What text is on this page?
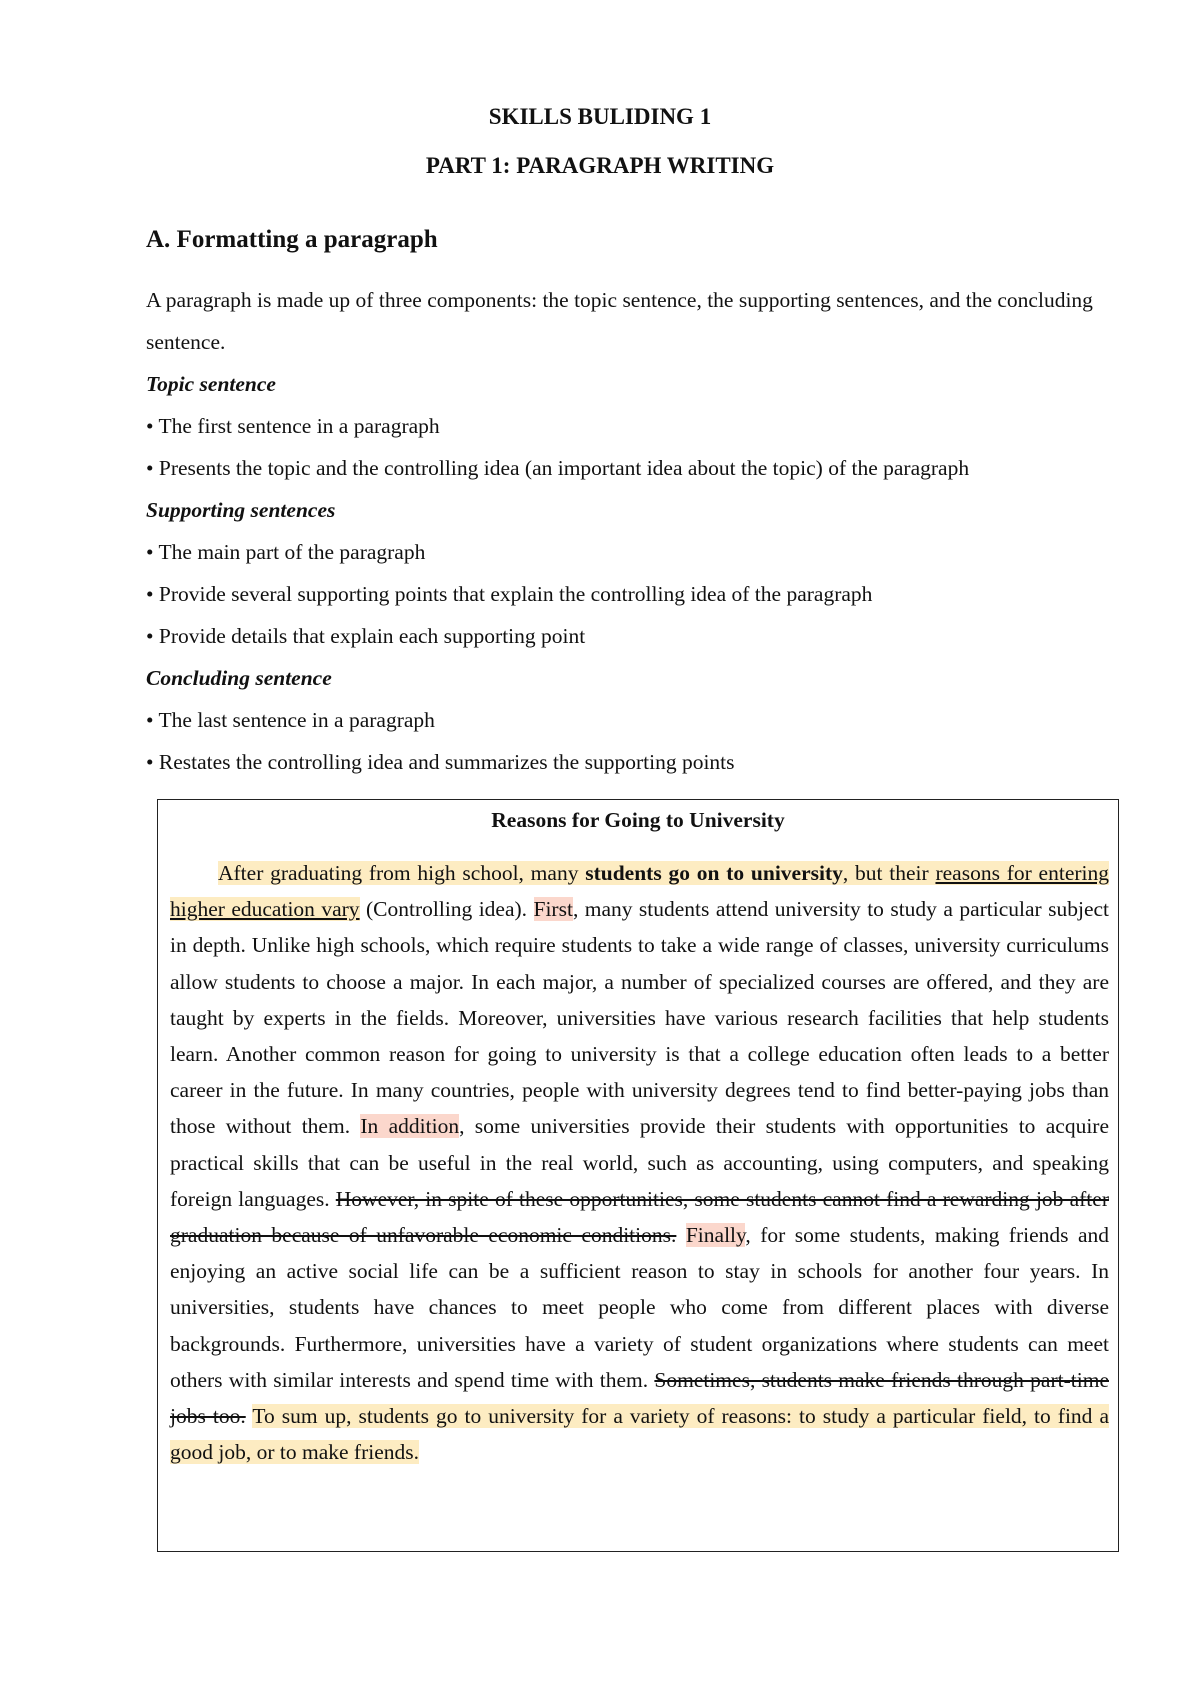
SKILLS BULIDING 1
PART 1: PARAGRAPH WRITING
A. Formatting a paragraph

A paragraph is made up of three components: the topic sentence, the supporting sentences, and the concluding sentence.

Topic sentence

• The first sentence in a paragraph

• Presents the topic and the controlling idea (an important idea about the topic) of the paragraph

Supporting sentences

• The main part of the paragraph

• Provide several supporting points that explain the controlling idea of the paragraph

• Provide details that explain each supporting point

Concluding sentence

• The last sentence in a paragraph

• Restates the controlling idea and summarizes the supporting points

Reasons for Going to University

After graduating from high school, many students go on to university, but their reasons for entering higher education vary (Controlling idea). First, many students attend university to study a particular subject in depth. Unlike high schools, which require students to take a wide range of classes, university curriculums allow students to choose a major. In each major, a number of specialized courses are offered, and they are taught by experts in the fields. Moreover, universities have various research facilities that help students learn. Another common reason for going to university is that a college education often leads to a better career in the future. In many countries, people with university degrees tend to find better-paying jobs than those without them. In addition, some universities provide their students with opportunities to acquire practical skills that can be useful in the real world, such as accounting, using computers, and speaking foreign languages. However, in spite of these opportunities, some students cannot find a rewarding job after graduation because of unfavorable economic conditions. Finally, for some students, making friends and enjoying an active social life can be a sufficient reason to stay in schools for another four years. In universities, students have chances to meet people who come from different places with diverse backgrounds. Furthermore, universities have a variety of student organizations where students can meet others with similar interests and spend time with them. Sometimes, students make friends through part-time jobs too. To sum up, students go to university for a variety of reasons: to study a particular field, to find a good job, or to make friends.
